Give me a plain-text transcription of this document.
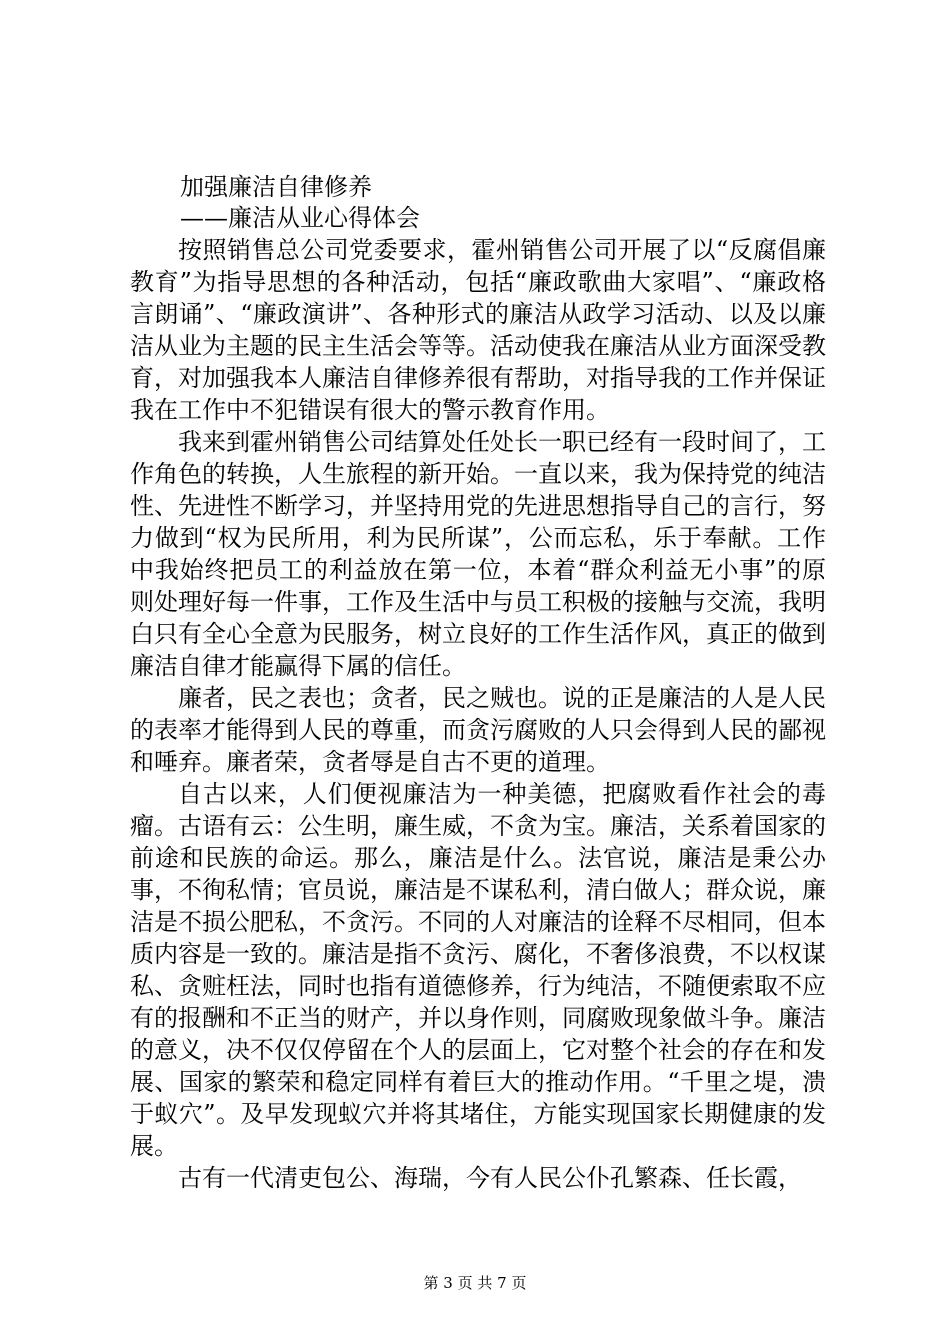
加强廉洁自律修养

——廉洁从业心得体会

按照销售总公司党委要求，霍州销售公司开展了以“反腐倡廉教育”为指导思想的各种活动，包括“廉政歌曲大家唱”、“廉政格言朗诵”、“廉政演讲”、各种形式的廉洁从政学习活动、以及以廉洁从业为主题的民主生活会等等。活动使我在廉洁从业方面深受教育，对加强我本人廉洁自律修养很有帮助，对指导我的工作并保证我在工作中不犯错误有很大的警示教育作用。

我来到霍州销售公司结算处任处长一职已经有一段时间了，工作角色的转换，人生旅程的新开始。一直以来，我为保持党的纯洁性、先进性不断学习，并坚持用党的先进思想指导自己的言行，努力做到“权为民所用，利为民所谋”，公而忘私，乐于奉献。工作中我始终把员工的利益放在第一位，本着“群众利益无小事”的原则处理好每一件事，工作及生活中与员工积极的接触与交流，我明白只有全心全意为民服务，树立良好的工作生活作风，真正的做到廉洁自律才能赢得下属的信任。

廉者，民之表也；贪者，民之贼也。说的正是廉洁的人是人民的表率才能得到人民的尊重，而贪污腐败的人只会得到人民的鄙视和唾弃。廉者荣，贪者辱是自古不更的道理。

自古以来，人们便视廉洁为一种美德，把腐败看作社会的毒瘤。古语有云：公生明，廉生威，不贪为宝。廉洁，关系着国家的前途和民族的命运。那么，廉洁是什么。法官说，廉洁是秉公办事，不徇私情；官员说，廉洁是不谋私利，清白做人；群众说，廉洁是不损公肥私，不贪污。不同的人对廉洁的诠释不尽相同，但本质内容是一致的。廉洁是指不贪污、腐化，不奢侈浪费，不以权谋私、贪赃枉法，同时也指有道德修养，行为纯洁，不随便索取不应有的报酬和不正当的财产，并以身作则，同腐败现象做斗争。廉洁的意义，决不仅仅停留在个人的层面上，它对整个社会的存在和发展、国家的繁荣和稳定同样有着巨大的推动作用。“千里之堤，溃于蚁穴”。及早发现蚁穴并将其堵住，方能实现国家长期健康的发展。

古有一代清吏包公、海瑞，今有人民公仆孔繁森、任长霞，

第 3 页 共 7 页
